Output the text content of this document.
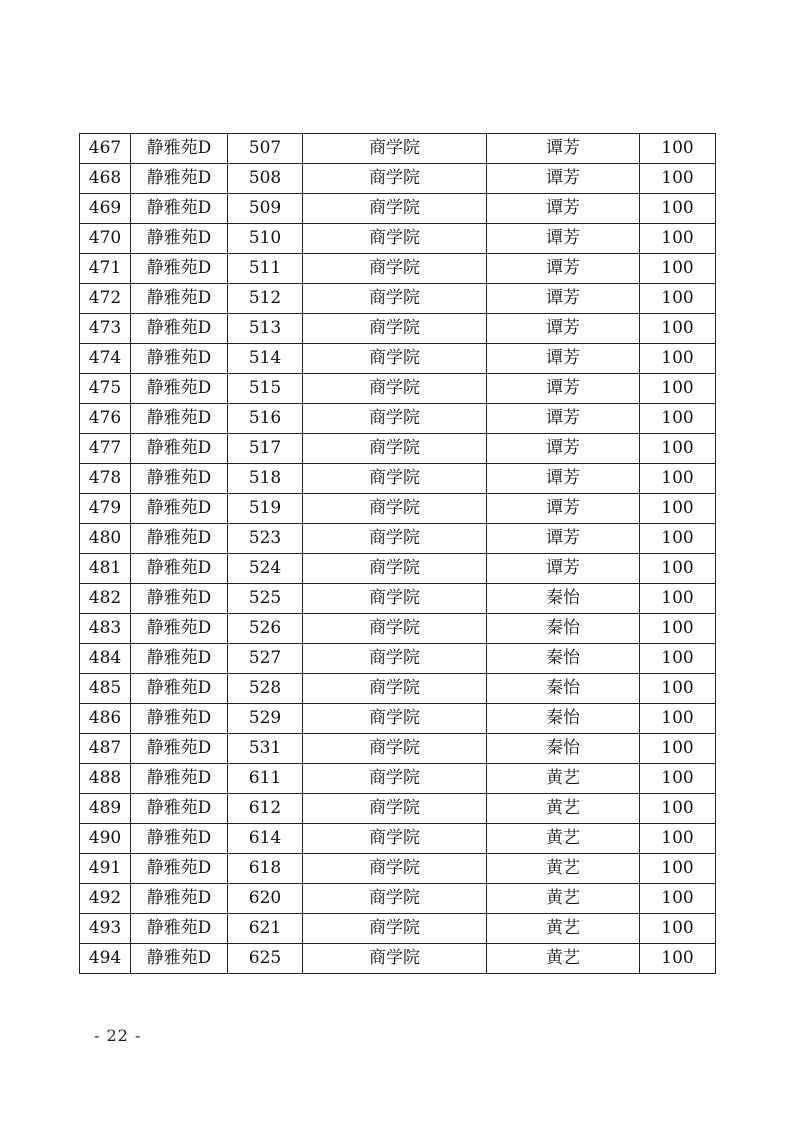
467	静雅苑D	507	商学院	谭芳	100
468	静雅苑D	508	商学院	谭芳	100
469	静雅苑D	509	商学院	谭芳	100
470	静雅苑D	510	商学院	谭芳	100
471	静雅苑D	511	商学院	谭芳	100
472	静雅苑D	512	商学院	谭芳	100
473	静雅苑D	513	商学院	谭芳	100
474	静雅苑D	514	商学院	谭芳	100
475	静雅苑D	515	商学院	谭芳	100
476	静雅苑D	516	商学院	谭芳	100
477	静雅苑D	517	商学院	谭芳	100
478	静雅苑D	518	商学院	谭芳	100
479	静雅苑D	519	商学院	谭芳	100
480	静雅苑D	523	商学院	谭芳	100
481	静雅苑D	524	商学院	谭芳	100
482	静雅苑D	525	商学院	秦怡	100
483	静雅苑D	526	商学院	秦怡	100
484	静雅苑D	527	商学院	秦怡	100
485	静雅苑D	528	商学院	秦怡	100
486	静雅苑D	529	商学院	秦怡	100
487	静雅苑D	531	商学院	秦怡	100
488	静雅苑D	611	商学院	黄艺	100
489	静雅苑D	612	商学院	黄艺	100
490	静雅苑D	614	商学院	黄艺	100
491	静雅苑D	618	商学院	黄艺	100
492	静雅苑D	620	商学院	黄艺	100
493	静雅苑D	621	商学院	黄艺	100
494	静雅苑D	625	商学院	黄艺	100
- 22 -
